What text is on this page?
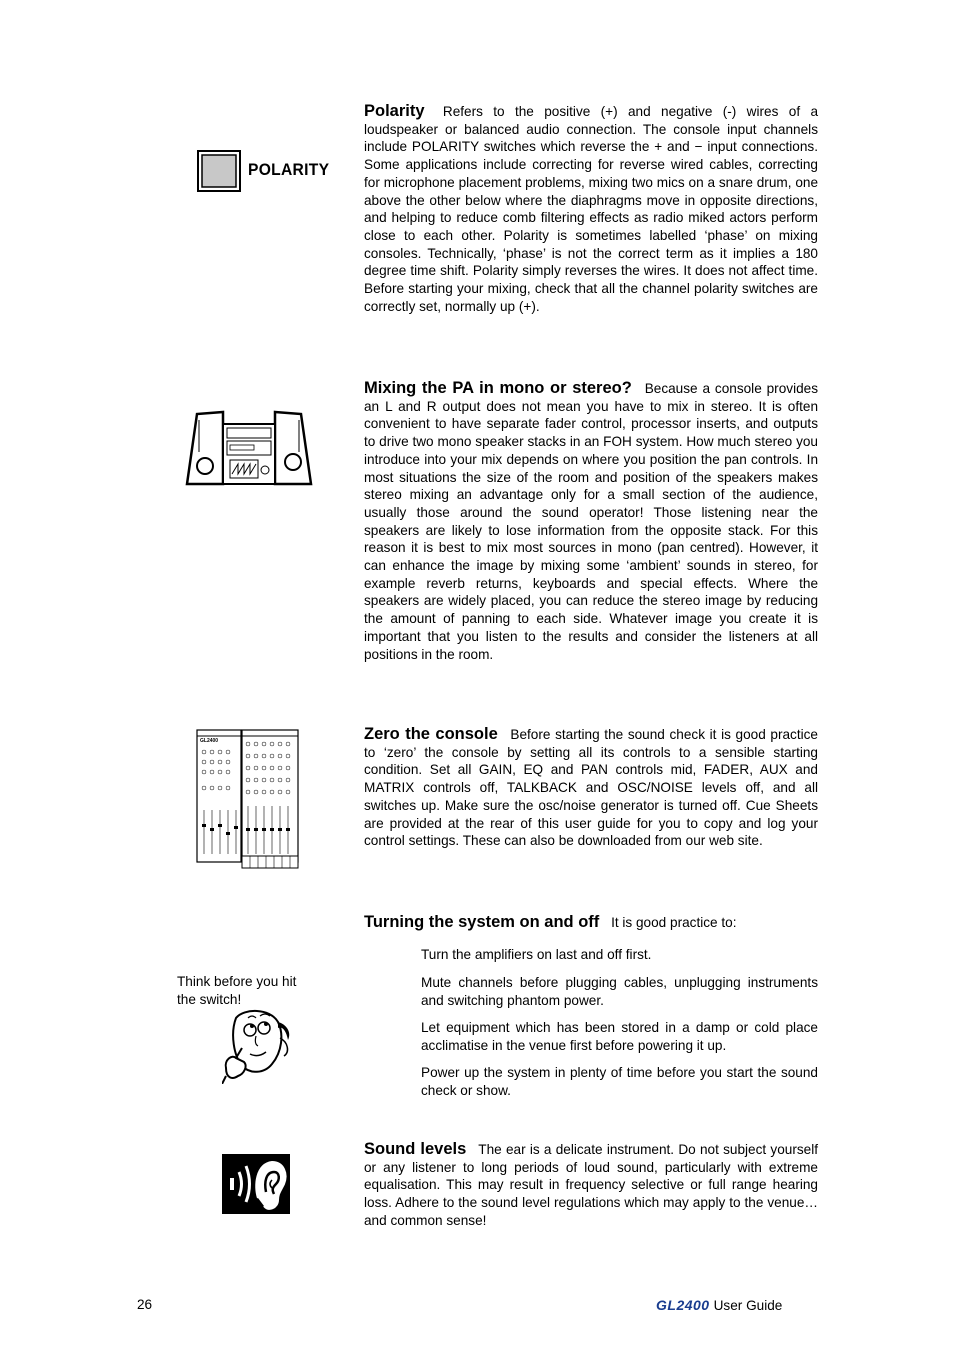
POLARITY
Polarity Refers to the positive (+) and negative (-) wires of a loudspeaker or balanced audio connection. The console input channels include POLARITY switches which reverse the + and − input connections. Some applications include correcting for reverse wired cables, correcting for microphone placement problems, mixing two mics on a snare drum, one above the other below where the diaphragms move in opposite directions, and helping to reduce comb filtering effects as radio miked actors perform close to each other. Polarity is sometimes labelled ‘phase’ on mixing consoles. Technically, ‘phase’ is not the correct term as it implies a 180 degree time shift. Polarity simply reverses the wires. It does not affect time. Before starting your mixing, check that all the channel polarity switches are correctly set, normally up (+).
Mixing the PA in mono or stereo? Because a console provides an L and R output does not mean you have to mix in stereo. It is often convenient to have separate fader control, processor inserts, and outputs to drive two mono speaker stacks in an FOH system. How much stereo you introduce into your mix depends on where you position the pan controls. In most situations the size of the room and position of the speakers makes stereo mixing an advantage only for a small section of the audience, usually those around the sound operator! Those listening near the speakers are likely to lose information from the opposite stack. For this reason it is best to mix most sources in mono (pan centred). However, it can enhance the image by mixing some ‘ambient’ sounds in stereo, for example reverb returns, keyboards and special effects. Where the speakers are widely placed, you can reduce the stereo image by reducing the amount of panning to each side. Whatever image you create it is important that you listen to the results and consider the listeners at all positions in the room.
GL2400	Zero the console Before starting the sound check it is good practice to ‘zero’ the console by setting all its controls to a sensible starting condition. Set all GAIN, EQ and PAN controls mid, FADER, AUX and MATRIX controls off, TALKBACK and OSC/NOISE levels off, and all switches up. Make sure the osc/noise generator is turned off. Cue Sheets are provided at the rear of this user guide for you to copy and log your control settings. These can also be downloaded from our web site.
Turning the system on and off It is good practice to:
Turn the amplifiers on last and off first.
Mute channels before plugging cables, unplugging instruments and switching phantom power.
Let equipment which has been stored in a damp or cold place acclimatise in the venue first before powering it up.
Power up the system in plenty of time before you start the sound check or show.
Think before you hit the switch!
Sound levels The ear is a delicate instrument. Do not subject yourself or any listener to long periods of loud sound, particularly with extreme equalisation. This may result in frequency selective or full range hearing loss. Adhere to the sound level regulations which may apply to the venue… and common sense!
26	GL2400 User Guide
